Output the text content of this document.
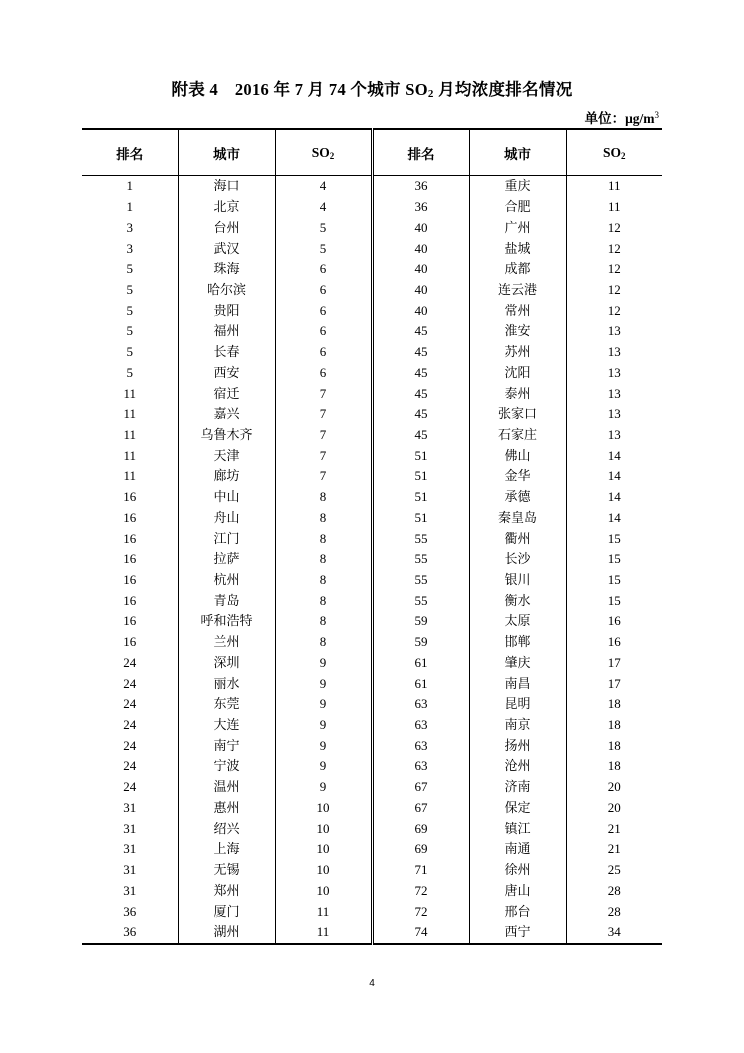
附表 4　2016 年 7 月 74 个城市 $SO_2$ 月均浓度排名情况
单位：$\mu g/m^3$
排名	城市	$SO_2$	排名	城市	$SO_2$
1	海口	4	36	重庆	11
1	北京	4	36	合肥	11
3	台州	5	40	广州	12
3	武汉	5	40	盐城	12
5	珠海	6	40	成都	12
5	哈尔滨	6	40	连云港	12
5	贵阳	6	40	常州	12
5	福州	6	45	淮安	13
5	长春	6	45	苏州	13
5	西安	6	45	沈阳	13
11	宿迁	7	45	泰州	13
11	嘉兴	7	45	张家口	13
11	乌鲁木齐	7	45	石家庄	13
11	天津	7	51	佛山	14
11	廊坊	7	51	金华	14
16	中山	8	51	承德	14
16	舟山	8	51	秦皇岛	14
16	江门	8	55	衢州	15
16	拉萨	8	55	长沙	15
16	杭州	8	55	银川	15
16	青岛	8	55	衡水	15
16	呼和浩特	8	59	太原	16
16	兰州	8	59	邯郸	16
24	深圳	9	61	肇庆	17
24	丽水	9	61	南昌	17
24	东莞	9	63	昆明	18
24	大连	9	63	南京	18
24	南宁	9	63	扬州	18
24	宁波	9	63	沧州	18
24	温州	9	67	济南	20
31	惠州	10	67	保定	20
31	绍兴	10	69	镇江	21
31	上海	10	69	南通	21
31	无锡	10	71	徐州	25
31	郑州	10	72	唐山	28
36	厦门	11	72	邢台	28
36	湖州	11	74	西宁	34
4
